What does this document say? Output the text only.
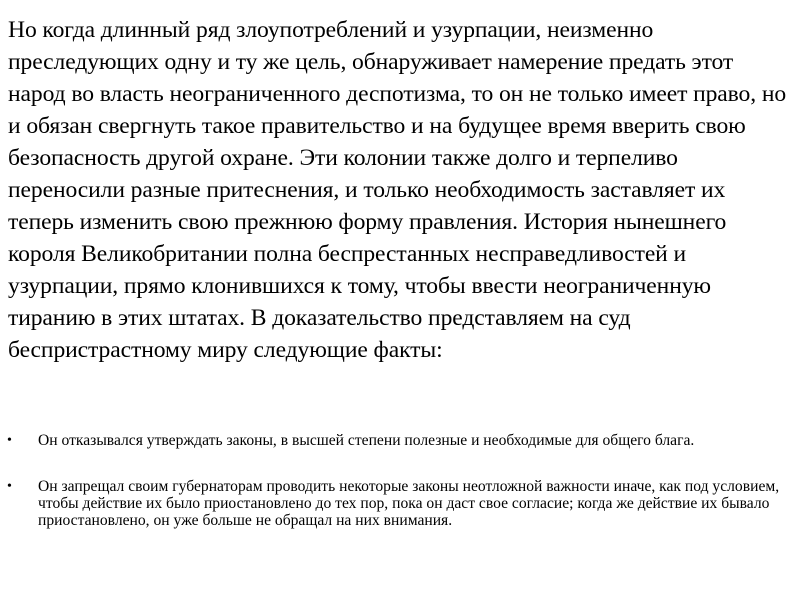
Но когда длинный ряд злоупотреблений и узурпации, неизменно преследующих одну и ту же цель, обнаруживает намерение предать этот народ во власть неограниченного деспотизма, то он не только имеет право, но и обязан свергнуть такое правительство и на будущее время вверить свою безопасность другой охране. Эти колонии также долго и терпеливо переносили разные притеснения, и только необходимость заставляет их теперь изменить свою прежнюю форму правления. История нынешнего короля Великобритании полна беспрестанных несправедливостей и узурпации, прямо клонившихся к тому, чтобы ввести неограниченную тиранию в этих штатах. В доказательство представляем на суд беспристрастному миру следующие факты:

• Он отказывался утверждать законы, в высшей степени полезные и необходимые для общего блага.
• Он запрещал своим губернаторам проводить некоторые законы неотложной важности иначе, как под условием, чтобы действие их было приостановлено до тех пор, пока он даст свое согласие; когда же действие их бывало приостановлено, он уже больше не обращал на них внимания.
